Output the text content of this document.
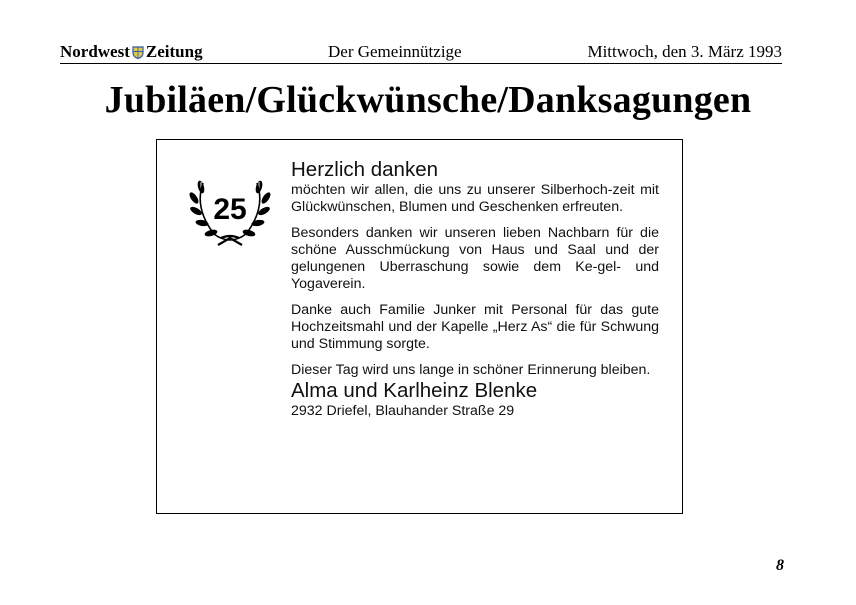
Nordwest Zeitung	Der Gemeinnützige	Mittwoch, den 3. März 1993
Jubiläen/Glückwünsche/Danksagungen
25

Herzlich danken

möchten wir allen, die uns zu unserer Silberhoch-zeit mit Glückwünschen, Blumen und Geschenken erfreuten.

Besonders danken wir unseren lieben Nachbarn für die schöne Ausschmückung von Haus und Saal und der gelungenen Uberraschung sowie dem Ke-gel- und Yogaverein.

Danke auch Familie Junker mit Personal für das gute Hochzeitsmahl und der Kapelle „Herz As“ die für Schwung und Stimmung sorgte.

Dieser Tag wird uns lange in schöner Erinnerung bleiben.

Alma und Karlheinz Blenke

2932 Driefel, Blauhander Straße 29

8
